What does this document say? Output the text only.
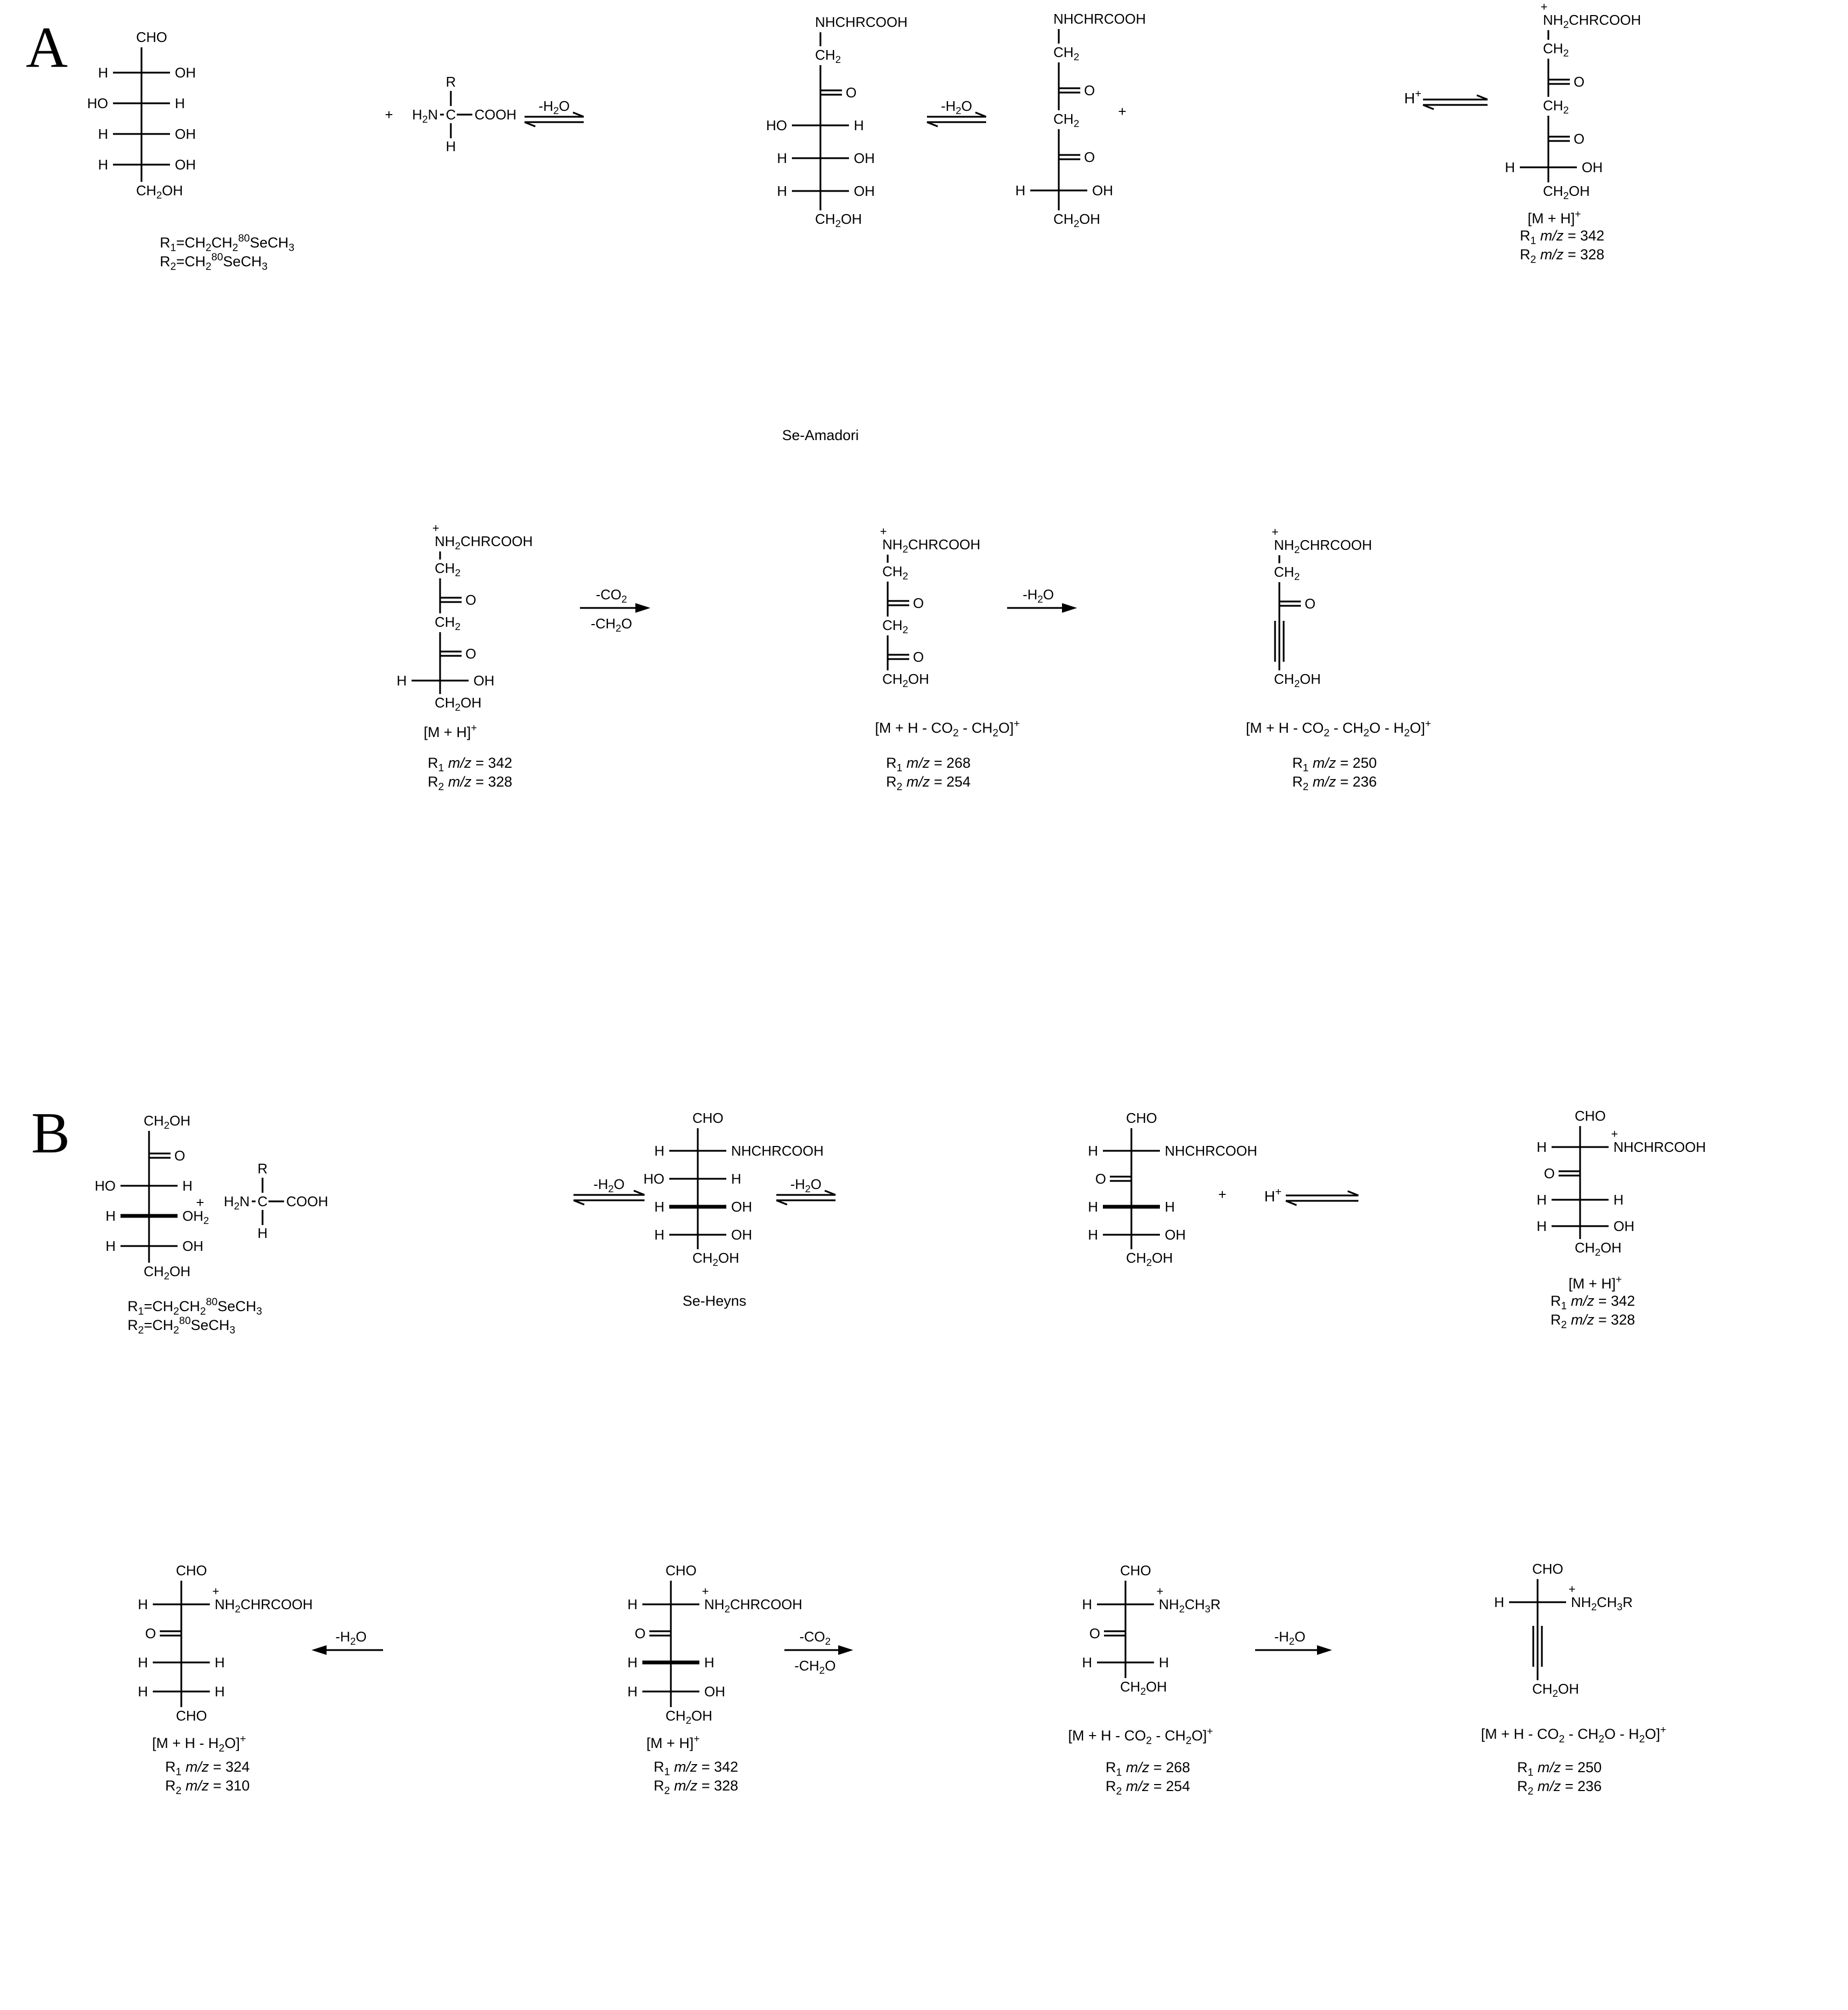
A
B
CHO
H	OH
HO	H
H	OH
H	OH
$CH_2OH$
NHCHRCOOH
$CH_2$
O
HO	H
H	OH
H	OH
$CH_2OH$
NHCHRCOOH
$CH_2$
O
$CH_2$
O
H	OH
$CH_2OH$
$NH_2CHRCOOH$
$CH_2$
O
$CH_2$
O
H	OH
$CH_2OH$
+
$NH_2CHRCOOH$
$CH_2$
O
$CH_2$
O
H	OH
$CH_2OH$
+
$NH_2CHRCOOH$
$CH_2$
O
$CH_2$
O
$CH_2OH$
+
$NH_2CHRCOOH$
$CH_2$
O
$CH_2OH$
+
$CH_2OH$
O
HO	H
H	$OH_2$
H	OH
$CH_2OH$
CHO
H	NHCHRCOOH
HO	H
H	OH
H	OH
$CH_2OH$
CHO
H	NHCHRCOOH
O
H	H
H	OH
$CH_2OH$
CHO
H	NHCHRCOOH
+
O
H	H
H	OH
$CH_2OH$
CHO
H	$NH_2CHRCOOH$
+
O
H	H
H	H
CHO
CHO
H	$NH_2CHRCOOH$
+
O
H	H
H	OH
$CH_2OH$
CHO
H	$NH_2CH_3R$
+
O
H	H
$CH_2OH$
CHO
H	$NH_2CH_3R$
+
$CH_2OH$
C
R
H
$H_2N$	COOH
C
R
H
$H_2N$	COOH
+	+
+	+
H+
H+
$-H_2O$	$-H_2O$
$-CO_2$
$-CH_2O$
$-H_2O$
$-H_2O$	$-H_2O$
$-H_2O$	$-CO_2$
$-CH_2O$
$-H_2O$
$R_1=CH_2CH_2^{80}SeCH_3$
$R_2=CH_2^{80}SeCH_3$
Se-Amadori
[M + H]+
$R_1$ m/z = 342
$R_2$ m/z = 328
[M + H]+
$R_1$ m/z = 342
$R_2$ m/z = 328
$[M + H - CO_2 - CH_2O]^+$
$R_1$ m/z = 268
$R_2$ m/z = 254
$[M + H - CO_2 - CH_2O - H_2O]^+$
$R_1$ m/z = 250
$R_2$ m/z = 236
$R_1=CH_2CH_2^{80}SeCH_3$
$R_2=CH_2^{80}SeCH_3$
Se-Heyns
[M + H]+
$R_1$ m/z = 342
$R_2$ m/z = 328
$[M + H - H_2O]^+$
$R_1$ m/z = 324
$R_2$ m/z = 310
[M + H]+
$R_1$ m/z = 342
$R_2$ m/z = 328
$[M + H - CO_2 - CH_2O]^+$
$R_1$ m/z = 268
$R_2$ m/z = 254
$[M + H - CO_2 - CH_2O - H_2O]^+$
$R_1$ m/z = 250
$R_2$ m/z = 236
